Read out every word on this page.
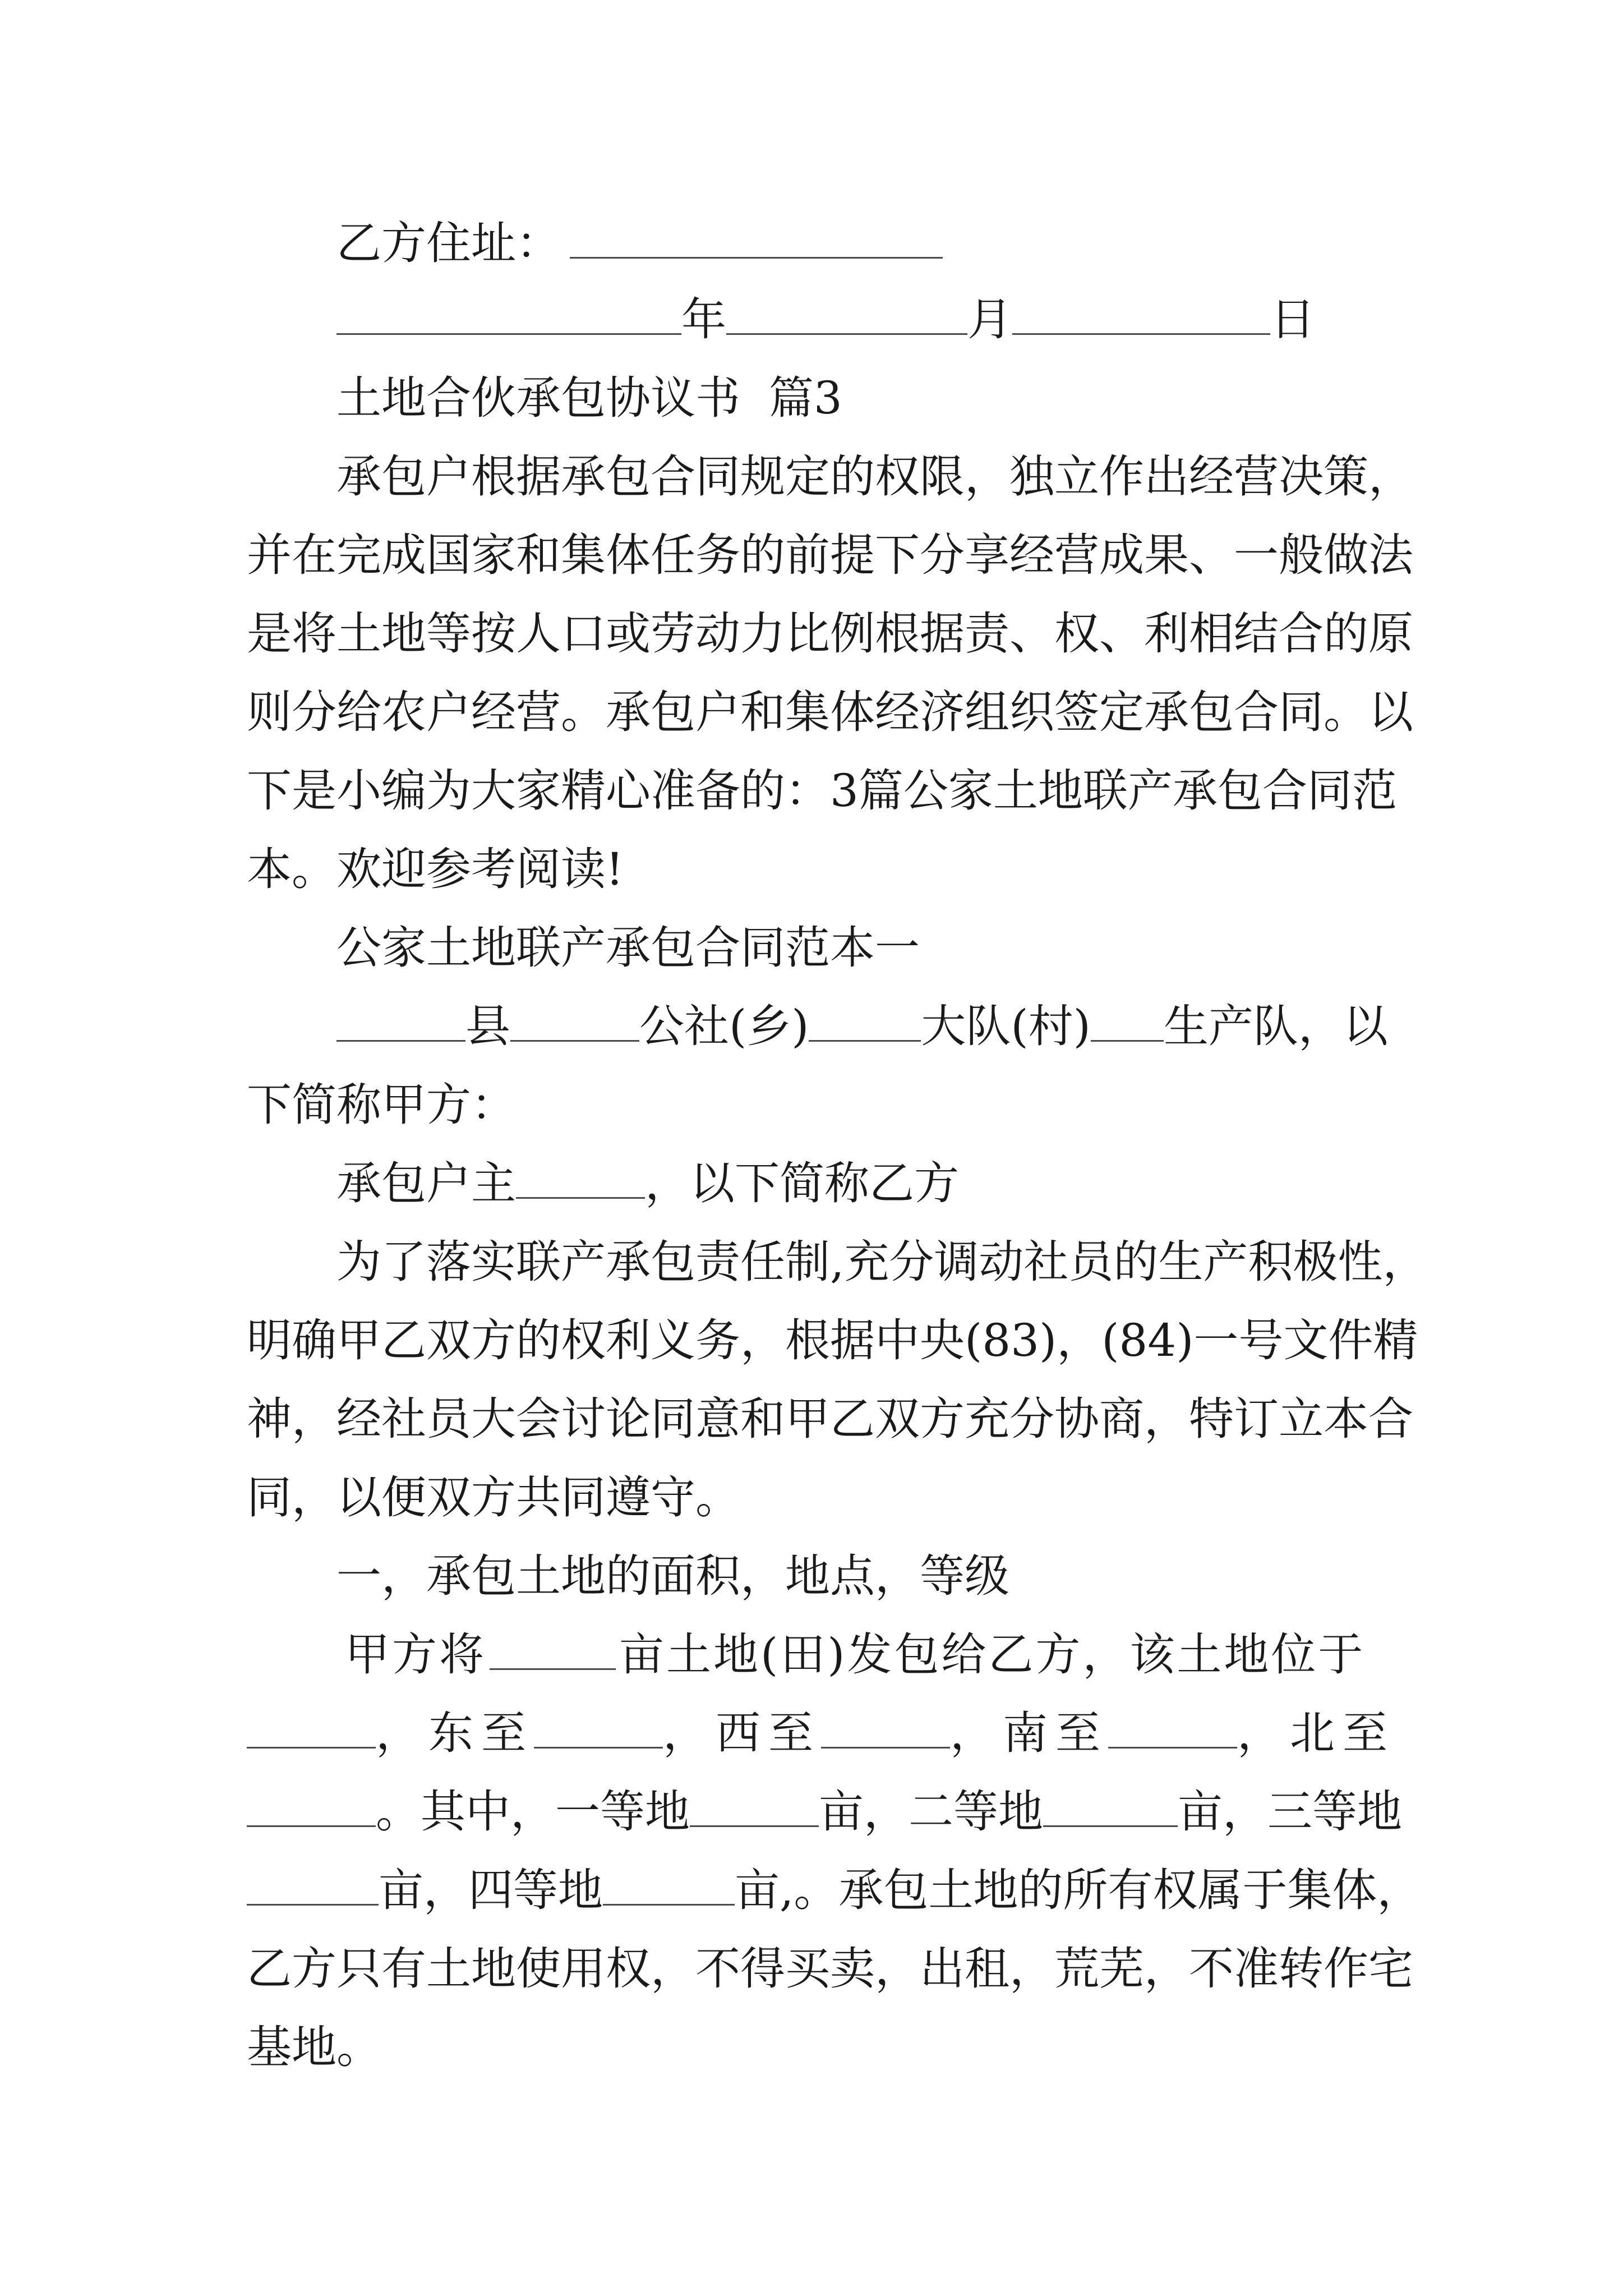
乙方住址：
年	月	日
土地合伙承包协议书  篇3
承包户根据承包合同规定的权限，独立作出经营决策，
并在完成国家和集体任务的前提下分享经营成果、一般做法
是将土地等按人口或劳动力比例根据责、权、利相结合的原
则分给农户经营。承包户和集体经济组织签定承包合同。以
下是小编为大家精心准备的：3篇公家土地联产承包合同范
本。欢迎参考阅读!
公家土地联产承包合同范本一
县	公社(乡)	大队(村) 生产队，以
下简称甲方：
承包户主	，以下简称乙方
为了落实联产承包责任制,充分调动社员的生产积极性，
明确甲乙双方的权利义务，根据中央(83)，(84)一号文件精
神，经社员大会讨论同意和甲乙双方充分协商，特订立本合
同，以便双方共同遵守。
一，承包土地的面积，地点，等级
甲方将	亩土地(田)发包给乙方，该土地位于
，东至	，西至	，南至	，北至
。其中，一等地	亩，二等地	亩，三等地
亩，四等地	亩,。承包土地的所有权属于集体，
乙方只有土地使用权，不得买卖，出租，荒芜，不准转作宅
基地。
